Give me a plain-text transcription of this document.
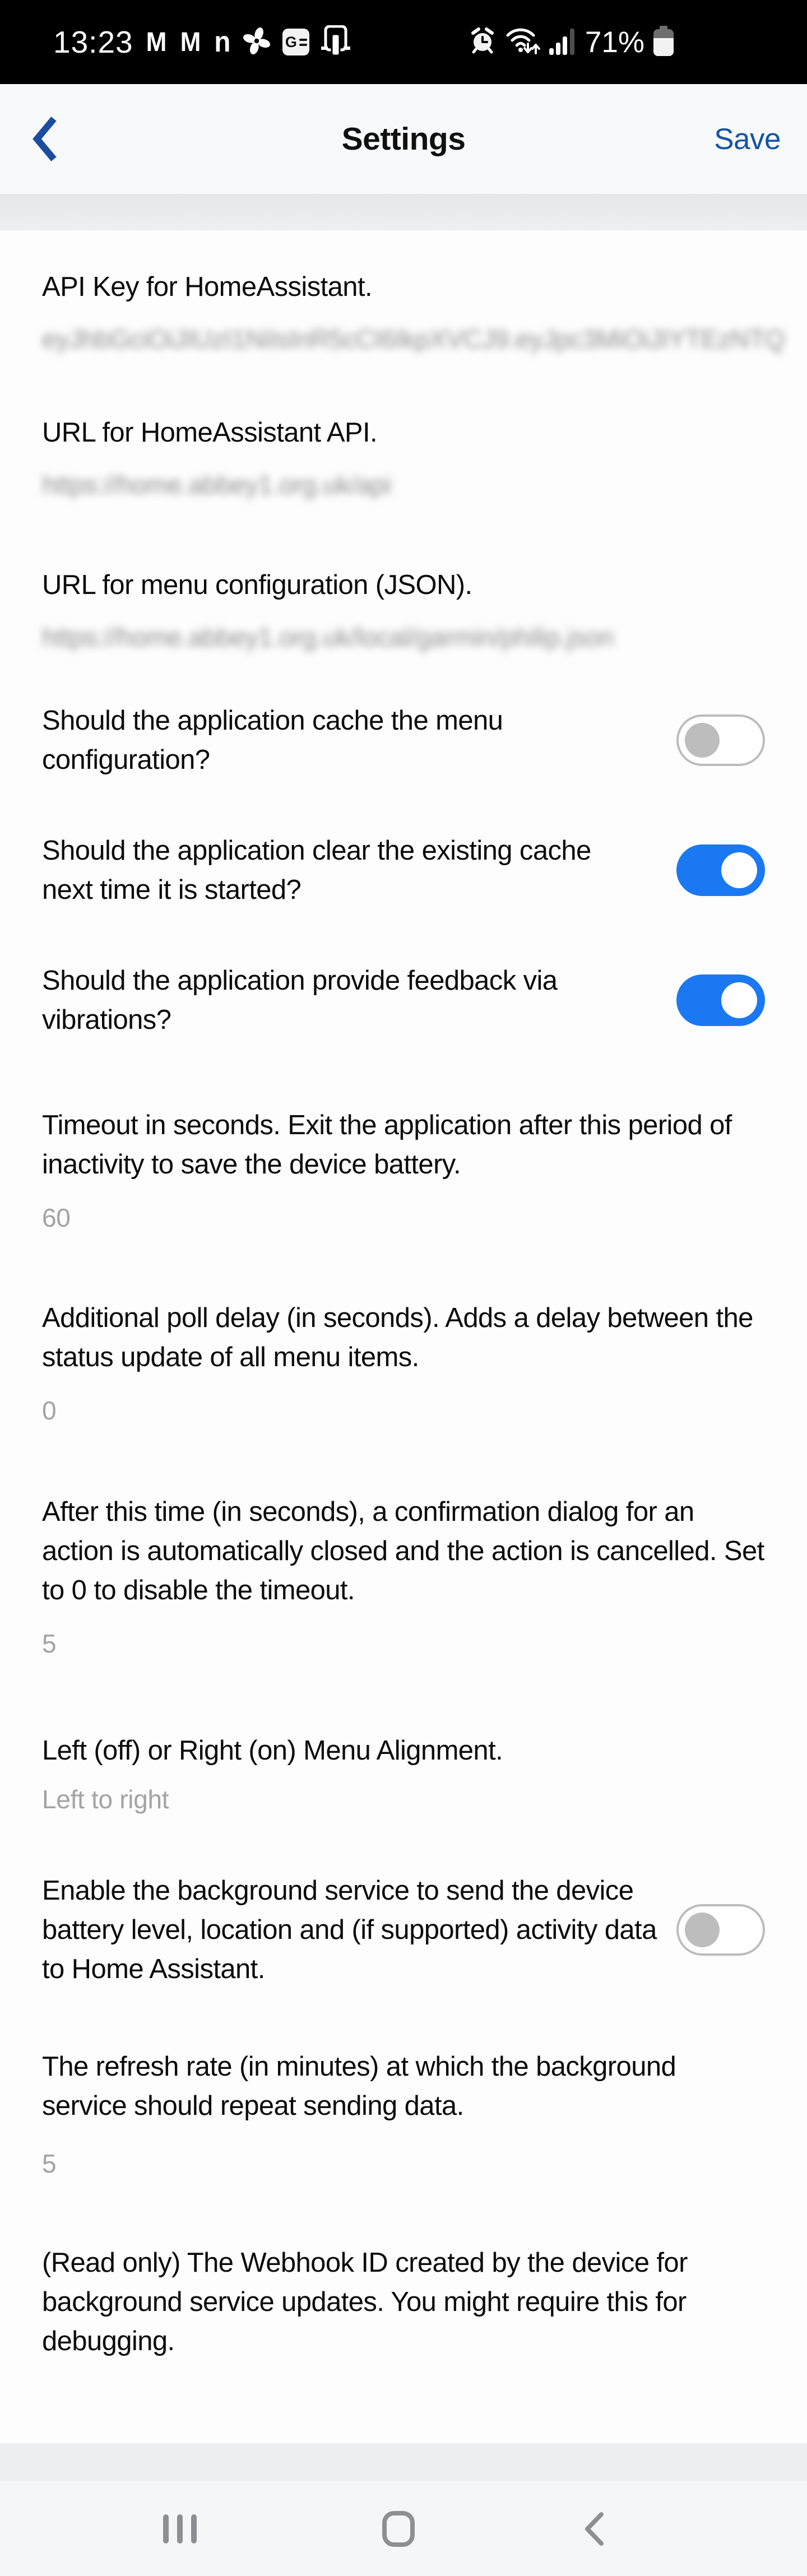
13:23 M M n	G	71%
Settings	Save

API Key for HomeAssistant.

eyJhbGciOiJIUzI1NiIsInR5cCI6IkpXVCJ9.eyJpc3MiOiJIYTEzNTQ

URL for HomeAssistant API.

https://home.abbey1.org.uk/api

URL for menu configuration (JSON).

https://home.abbey1.org.uk/local/garmin/philip.json

Should the application cache the menu configuration?

Should the application clear the existing cache next time it is started?

Should the application provide feedback via vibrations?

Timeout in seconds. Exit the application after this period of inactivity to save the device battery.

60

Additional poll delay (in seconds). Adds a delay between the status update of all menu items.

0

After this time (in seconds), a confirmation dialog for an action is automatically closed and the action is cancelled. Set to 0 to disable the timeout.

5

Left (off) or Right (on) Menu Alignment.

Left to right

Enable the background service to send the device battery level, location and (if supported) activity data to Home Assistant.

The refresh rate (in minutes) at which the background service should repeat sending data.

5

(Read only) The Webhook ID created by the device for background service updates. You might require this for debugging.
